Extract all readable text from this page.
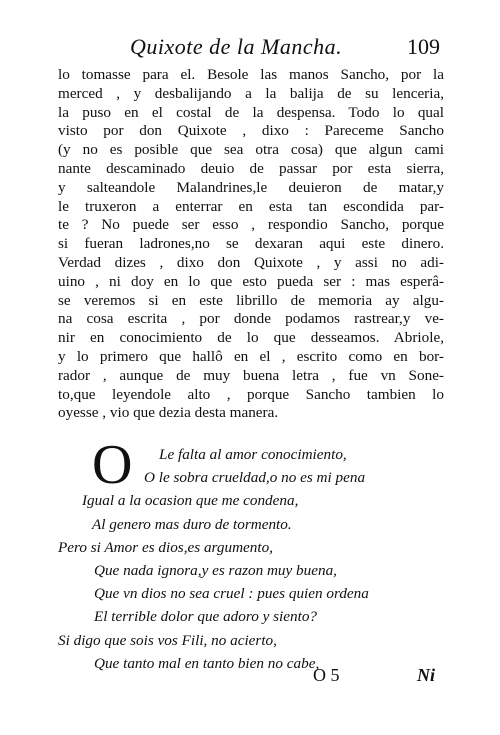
Quixote de la Mancha.	109
lo tomasse para el. Besole las manos Sancho, por la
merced , y desbalijando a la balija de su lenceria,
la puso en el costal de la despensa. Todo lo qual
visto por don Quixote , dixo : Pareceme Sancho
(y no es posible que sea otra cosa) que algun cami
nante descaminado deuio de passar por esta sierra,
y salteandole Malandrines,le deuieron de matar,y
le truxeron a enterrar en esta tan escondida par-
te ? No puede ser esso , respondio Sancho, porque
si fueran ladrones,no se dexaran aqui este dinero.
Verdad dizes , dixo don Quixote , y assi no adi-
uino , ni doy en lo que esto pueda ser : mas esperâ-
se veremos si en este librillo de memoria ay algu-
na cosa escrita , por donde podamos rastrear,y ve-
nir en conocimiento de lo que desseamos. Abriole,
y lo primero que hallô en el , escrito como en bor-
rador , aunque de muy buena letra , fue vn Sone-
to,que leyendole alto , porque Sancho tambien lo
oyesse , vio que dezia desta manera.
O	Le falta al amor conocimiento,
O le sobra crueldad,o no es mi pena
Igual a la ocasion que me condena,
Al genero mas duro de tormento.
Pero si Amor es dios,es argumento,
Que nada ignora,y es razon muy buena,
Que vn dios no sea cruel : pues quien ordena
El terrible dolor que adoro y siento?
Si digo que sois vos Fili, no acierto,
Que tanto mal en tanto bien no cabe,
O 5	Ni
